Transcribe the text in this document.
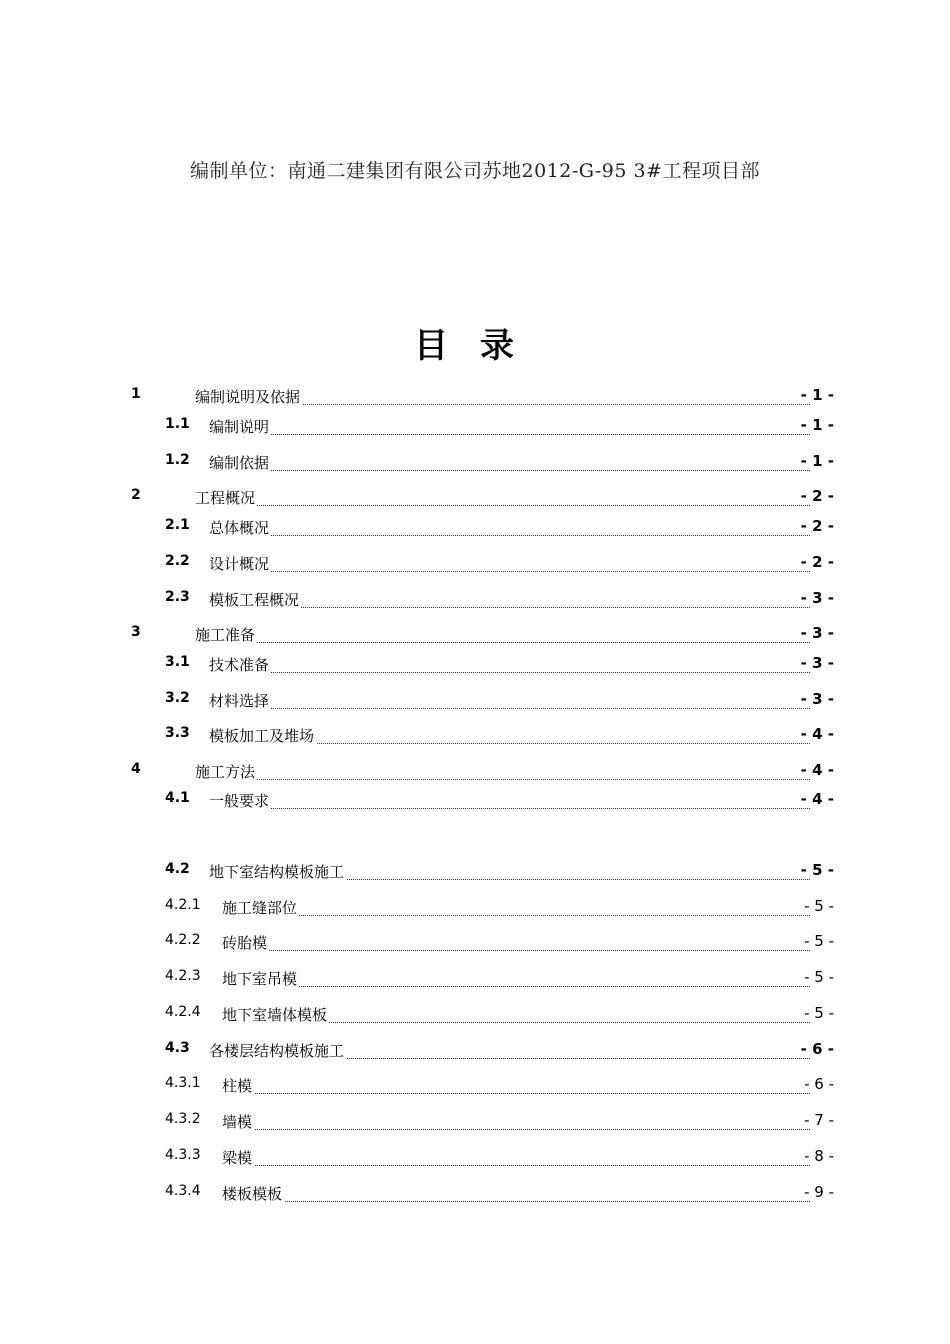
编制单位：南通二建集团有限公司苏地2012-G-95 3#工程项目部
目录
1	编制说明及依据	- 1 -
1.1 编制说明	- 1 -
1.2 编制依据	- 1 -
2	工程概况	- 2 -
2.1 总体概况	- 2 -
2.2 设计概况	- 2 -
2.3 模板工程概况	- 3 -
3	施工准备	- 3 -
3.1 技术准备	- 3 -
3.2 材料选择	- 3 -
3.3 模板加工及堆场	- 4 -
4	施工方法	- 4 -
4.1 一般要求	- 4 -
4.2 地下室结构模板施工	- 5 -
4.2.1 施工缝部位	- 5 -
4.2.2 砖胎模	- 5 -
4.2.3 地下室吊模	- 5 -
4.2.4 地下室墙体模板	- 5 -
4.3 各楼层结构模板施工	- 6 -
4.3.1 柱模	- 6 -
4.3.2 墙模	- 7 -
4.3.3 梁模	- 8 -
4.3.4 楼板模板	- 9 -
